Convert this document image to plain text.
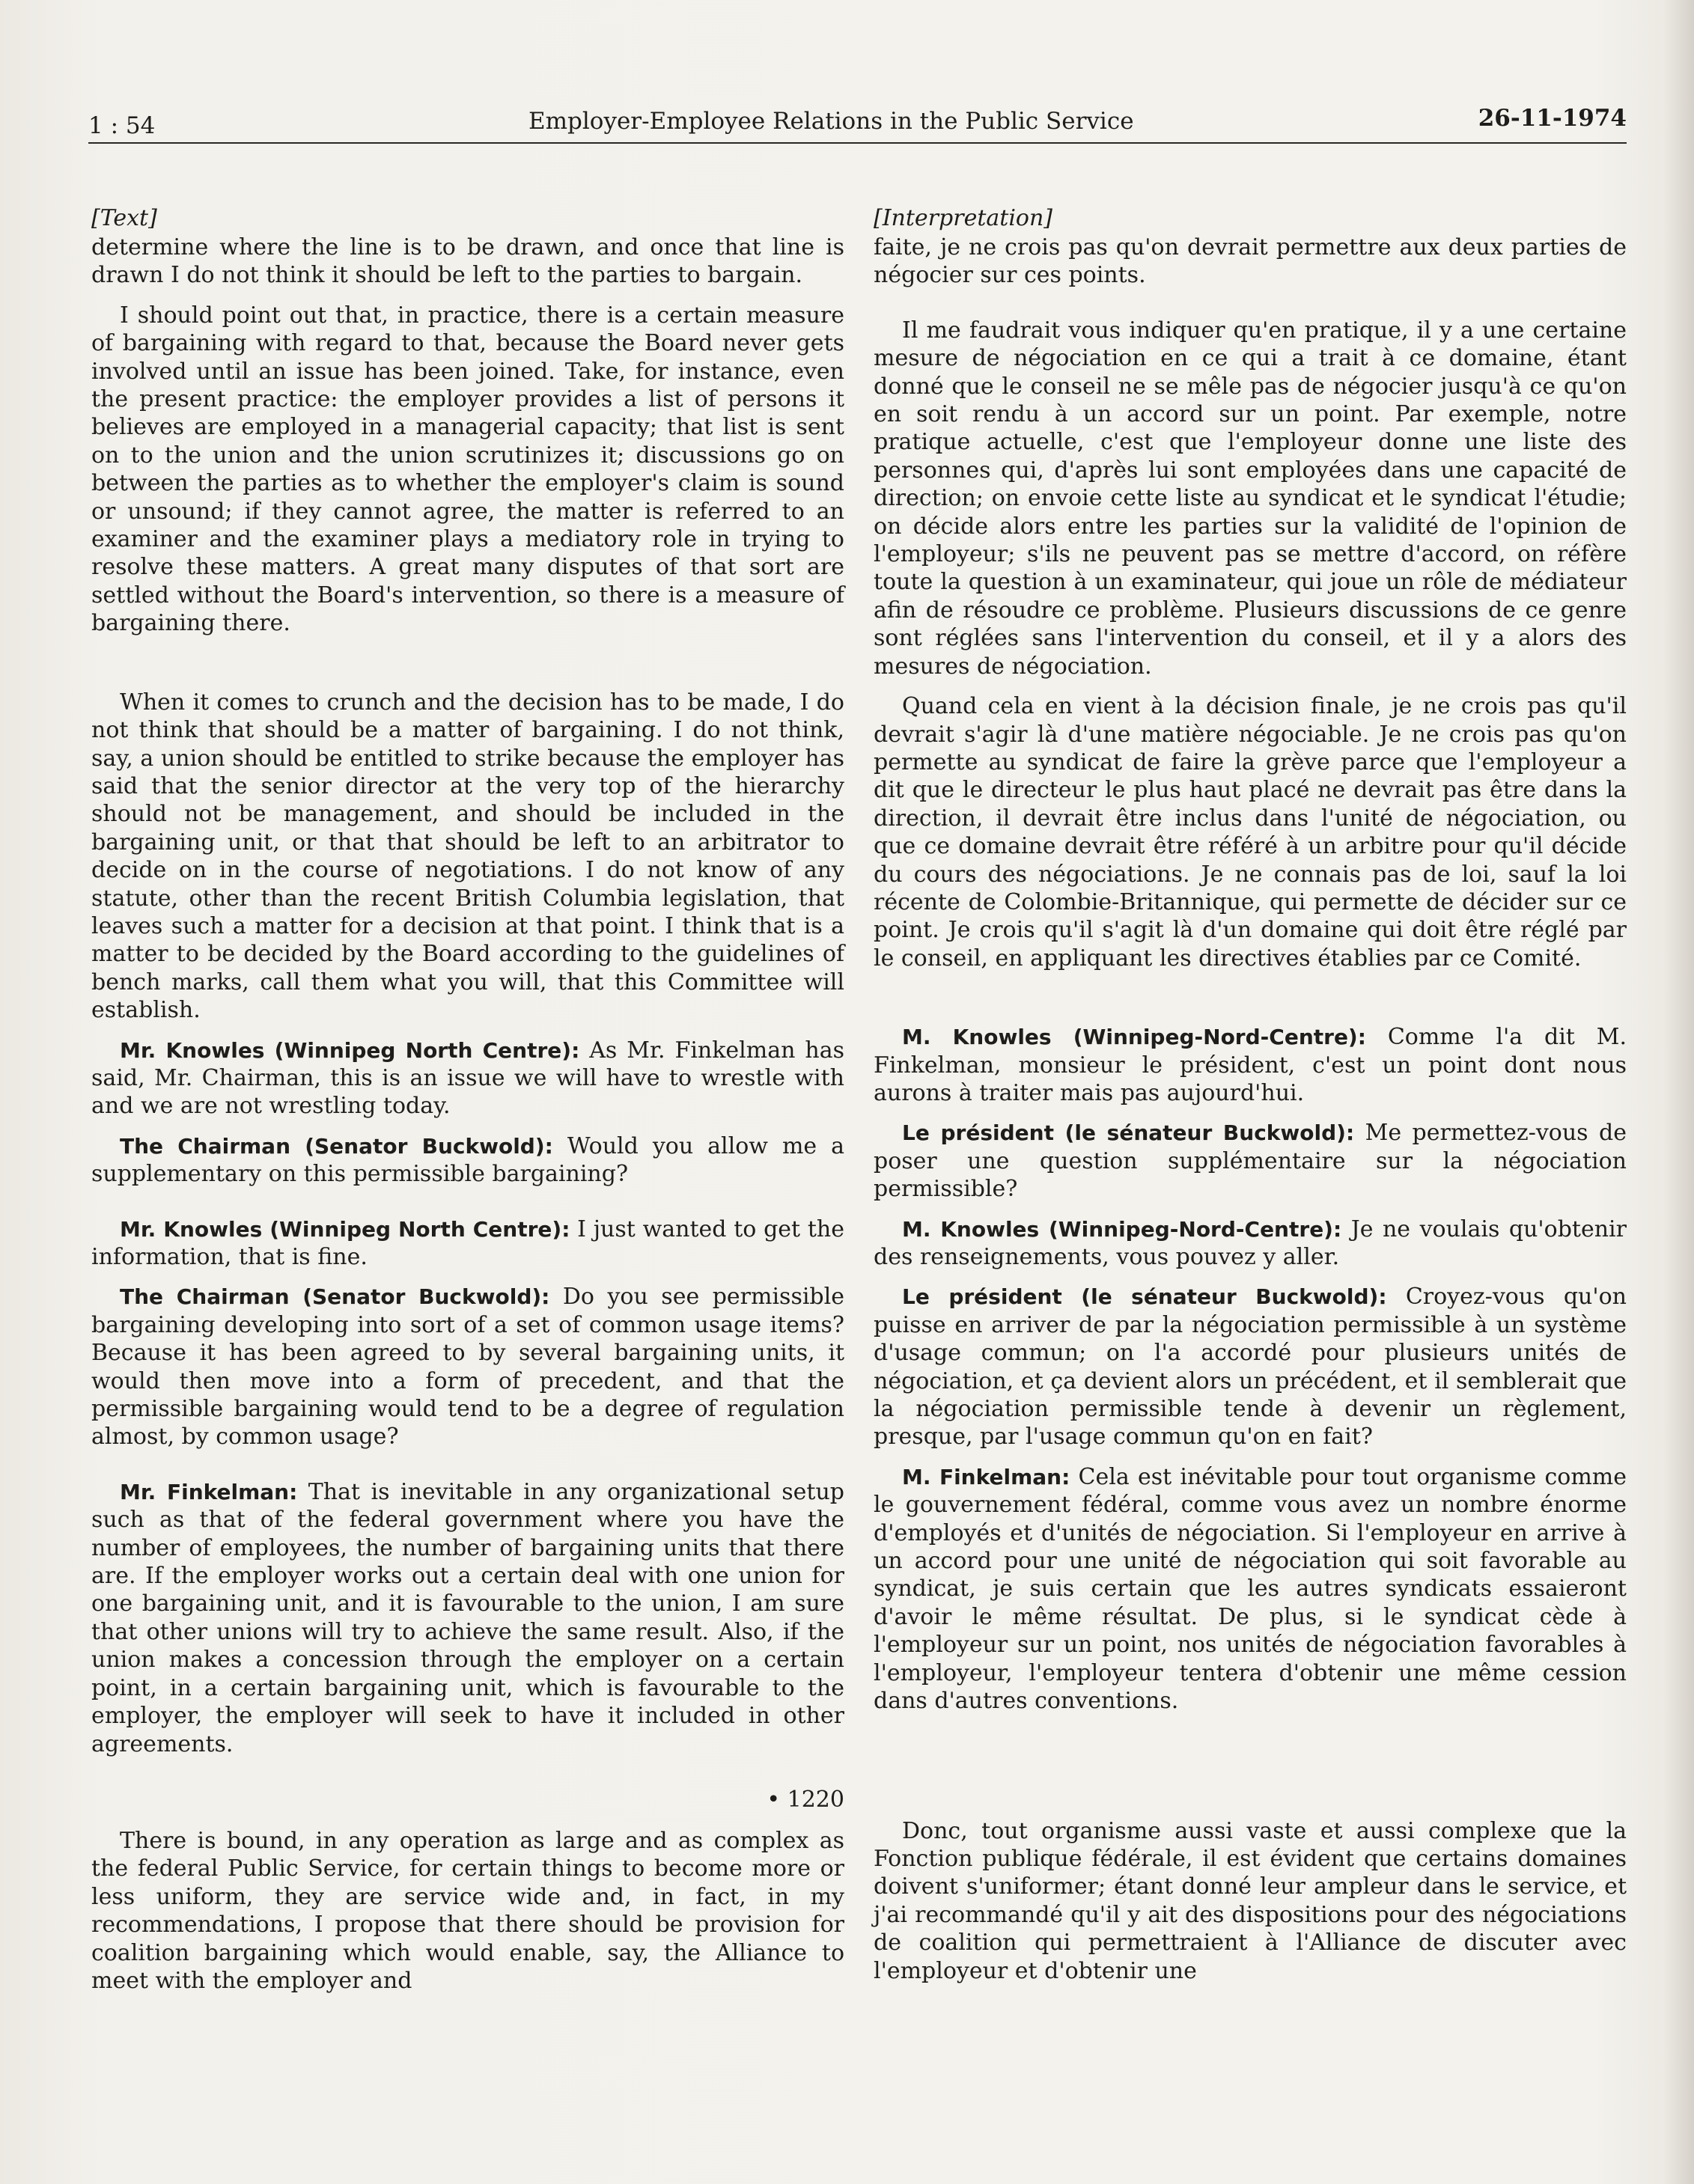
1 : 54	Employer-Employee Relations in the Public Service	26-11-1974

[Text]

determine where the line is to be drawn, and once that line is drawn I do not think it should be left to the parties to bargain.

I should point out that, in practice, there is a certain measure of bargaining with regard to that, because the Board never gets involved until an issue has been joined. Take, for instance, even the present practice: the employer provides a list of persons it believes are employed in a managerial capacity; that list is sent on to the union and the union scrutinizes it; discussions go on between the parties as to whether the employer's claim is sound or unsound; if they cannot agree, the matter is referred to an examiner and the examiner plays a mediatory role in trying to resolve these matters. A great many disputes of that sort are settled without the Board's intervention, so there is a measure of bargaining there.

When it comes to crunch and the decision has to be made, I do not think that should be a matter of bargaining. I do not think, say, a union should be entitled to strike because the employer has said that the senior director at the very top of the hierarchy should not be management, and should be included in the bargaining unit, or that that should be left to an arbitrator to decide on in the course of negotiations. I do not know of any statute, other than the recent British Columbia legislation, that leaves such a matter for a decision at that point. I think that is a matter to be decided by the Board according to the guidelines of bench marks, call them what you will, that this Committee will establish.

Mr. Knowles (Winnipeg North Centre): As Mr. Finkelman has said, Mr. Chairman, this is an issue we will have to wrestle with and we are not wrestling today.

The Chairman (Senator Buckwold): Would you allow me a supplementary on this permissible bargaining?

Mr. Knowles (Winnipeg North Centre): I just wanted to get the information, that is fine.

The Chairman (Senator Buckwold): Do you see permissible bargaining developing into sort of a set of common usage items? Because it has been agreed to by several bargaining units, it would then move into a form of precedent, and that the permissible bargaining would tend to be a degree of regulation almost, by common usage?

Mr. Finkelman: That is inevitable in any organizational setup such as that of the federal government where you have the number of employees, the number of bargaining units that there are. If the employer works out a certain deal with one union for one bargaining unit, and it is favourable to the union, I am sure that other unions will try to achieve the same result. Also, if the union makes a concession through the employer on a certain point, in a certain bargaining unit, which is favourable to the employer, the employer will seek to have it included in other agreements.

• 1220

There is bound, in any operation as large and as complex as the federal Public Service, for certain things to become more or less uniform, they are service wide and, in fact, in my recommendations, I propose that there should be provision for coalition bargaining which would enable, say, the Alliance to meet with the employer and

[Interpretation]

faite, je ne crois pas qu'on devrait permettre aux deux parties de négocier sur ces points.

Il me faudrait vous indiquer qu'en pratique, il y a une certaine mesure de négociation en ce qui a trait à ce domaine, étant donné que le conseil ne se mêle pas de négocier jusqu'à ce qu'on en soit rendu à un accord sur un point. Par exemple, notre pratique actuelle, c'est que l'employeur donne une liste des personnes qui, d'après lui sont employées dans une capacité de direction; on envoie cette liste au syndicat et le syndicat l'étudie; on décide alors entre les parties sur la validité de l'opinion de l'employeur; s'ils ne peuvent pas se mettre d'accord, on réfère toute la question à un examinateur, qui joue un rôle de médiateur afin de résoudre ce problème. Plusieurs discussions de ce genre sont réglées sans l'intervention du conseil, et il y a alors des mesures de négociation.

Quand cela en vient à la décision finale, je ne crois pas qu'il devrait s'agir là d'une matière négociable. Je ne crois pas qu'on permette au syndicat de faire la grève parce que l'employeur a dit que le directeur le plus haut placé ne devrait pas être dans la direction, il devrait être inclus dans l'unité de négociation, ou que ce domaine devrait être référé à un arbitre pour qu'il décide du cours des négociations. Je ne connais pas de loi, sauf la loi récente de Colombie-Britannique, qui permette de décider sur ce point. Je crois qu'il s'agit là d'un domaine qui doit être réglé par le conseil, en appliquant les directives établies par ce Comité.

M. Knowles (Winnipeg-Nord-Centre): Comme l'a dit M. Finkelman, monsieur le président, c'est un point dont nous aurons à traiter mais pas aujourd'hui.

Le président (le sénateur Buckwold): Me permettez-vous de poser une question supplémentaire sur la négociation permissible?

M. Knowles (Winnipeg-Nord-Centre): Je ne voulais qu'obtenir des renseignements, vous pouvez y aller.

Le président (le sénateur Buckwold): Croyez-vous qu'on puisse en arriver de par la négociation permissible à un système d'usage commun; on l'a accordé pour plusieurs unités de négociation, et ça devient alors un précédent, et il semblerait que la négociation permissible tende à devenir un règlement, presque, par l'usage commun qu'on en fait?

M. Finkelman: Cela est inévitable pour tout organisme comme le gouvernement fédéral, comme vous avez un nombre énorme d'employés et d'unités de négociation. Si l'employeur en arrive à un accord pour une unité de négociation qui soit favorable au syndicat, je suis certain que les autres syndicats essaieront d'avoir le même résultat. De plus, si le syndicat cède à l'employeur sur un point, nos unités de négociation favorables à l'employeur, l'employeur tentera d'obtenir une même cession dans d'autres conventions.

Donc, tout organisme aussi vaste et aussi complexe que la Fonction publique fédérale, il est évident que certains domaines doivent s'uniformer; étant donné leur ampleur dans le service, et j'ai recommandé qu'il y ait des dispositions pour des négociations de coalition qui permettraient à l'Alliance de discuter avec l'employeur et d'obtenir une
